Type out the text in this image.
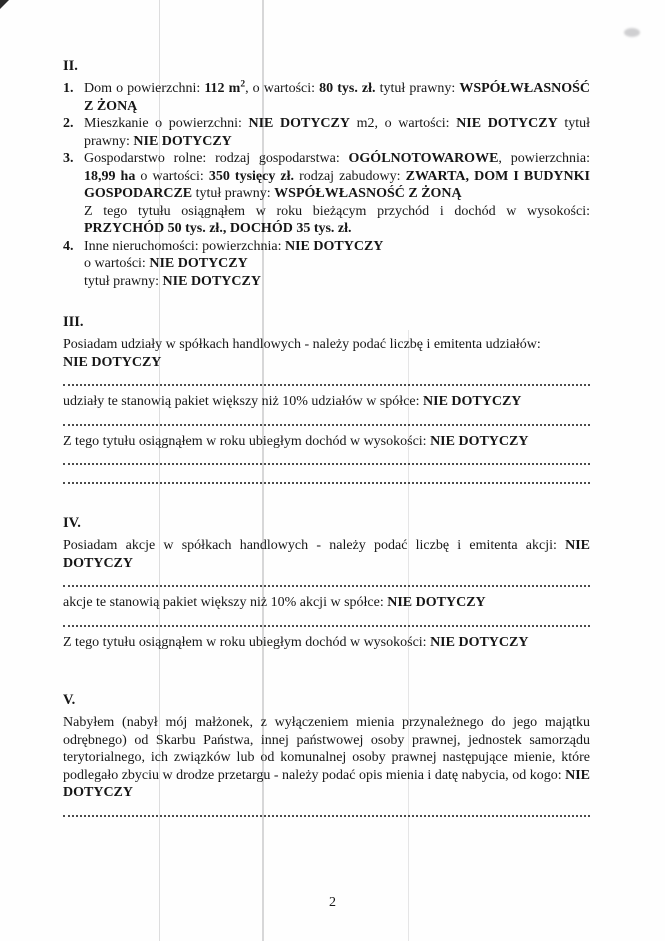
II.
1. Dom o powierzchni: 112 $m^2$, o wartości: 80 tys. zł. tytuł prawny: WSPÓŁWŁASNOŚĆ Z ŻONĄ

2. Mieszkanie o powierzchni: NIE DOTYCZY m2, o wartości: NIE DOTYCZY tytuł prawny: NIE DOTYCZY

3. Gospodarstwo rolne: rodzaj gospodarstwa: OGÓLNOTOWAROWE, powierzchnia: 18,99 ha o wartości: 350 tysięcy zł. rodzaj zabudowy: ZWARTA, DOM I BUDYNKI GOSPODARCZE tytuł prawny: WSPÓŁWŁASNOŚĆ Z ŻONĄ

Z tego tytułu osiągnąłem w roku bieżącym przychód i dochód w wysokości: PRZYCHÓD 50 tys. zł., DOCHÓD 35 tys. zł.

4. Inne nieruchomości: powierzchnia: NIE DOTYCZY

o wartości: NIE DOTYCZY

tytuł prawny: NIE DOTYCZY

III.

Posiadam udziały w spółkach handlowych - należy podać liczbę i emitenta udziałów:

NIE DOTYCZY

udziały te stanowią pakiet większy niż 10% udziałów w spółce: NIE DOTYCZY

Z tego tytułu osiągnąłem w roku ubiegłym dochód w wysokości: NIE DOTYCZY

IV.

Posiadam akcje w spółkach handlowych - należy podać liczbę i emitenta akcji: NIE DOTYCZY

akcje te stanowią pakiet większy niż 10% akcji w spółce: NIE DOTYCZY

Z tego tytułu osiągnąłem w roku ubiegłym dochód w wysokości: NIE DOTYCZY

V.

Nabyłem (nabył mój małżonek, z wyłączeniem mienia przynależnego do jego majątku odrębnego) od Skarbu Państwa, innej państwowej osoby prawnej, jednostek samorządu terytorialnego, ich związków lub od komunalnej osoby prawnej następujące mienie, które podlegało zbyciu w drodze przetargu - należy podać opis mienia i datę nabycia, od kogo: NIE DOTYCZY

2
